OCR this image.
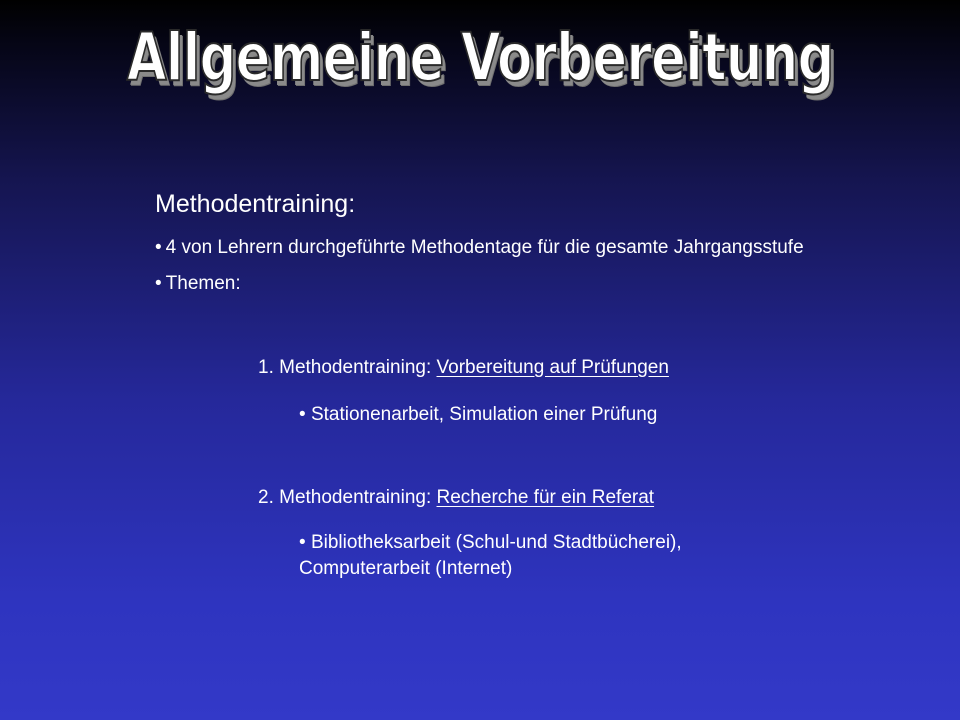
Allgemeine Vorbereitung
Methodentraining:
• 4 von Lehrern durchgeführte Methodentage für die gesamte Jahrgangsstufe
• Themen:
1. Methodentraining: Vorbereitung auf Prüfungen
• Stationenarbeit, Simulation einer Prüfung
2. Methodentraining: Recherche für ein Referat
• Bibliotheksarbeit (Schul-und Stadtbücherei), Computerarbeit (Internet)
